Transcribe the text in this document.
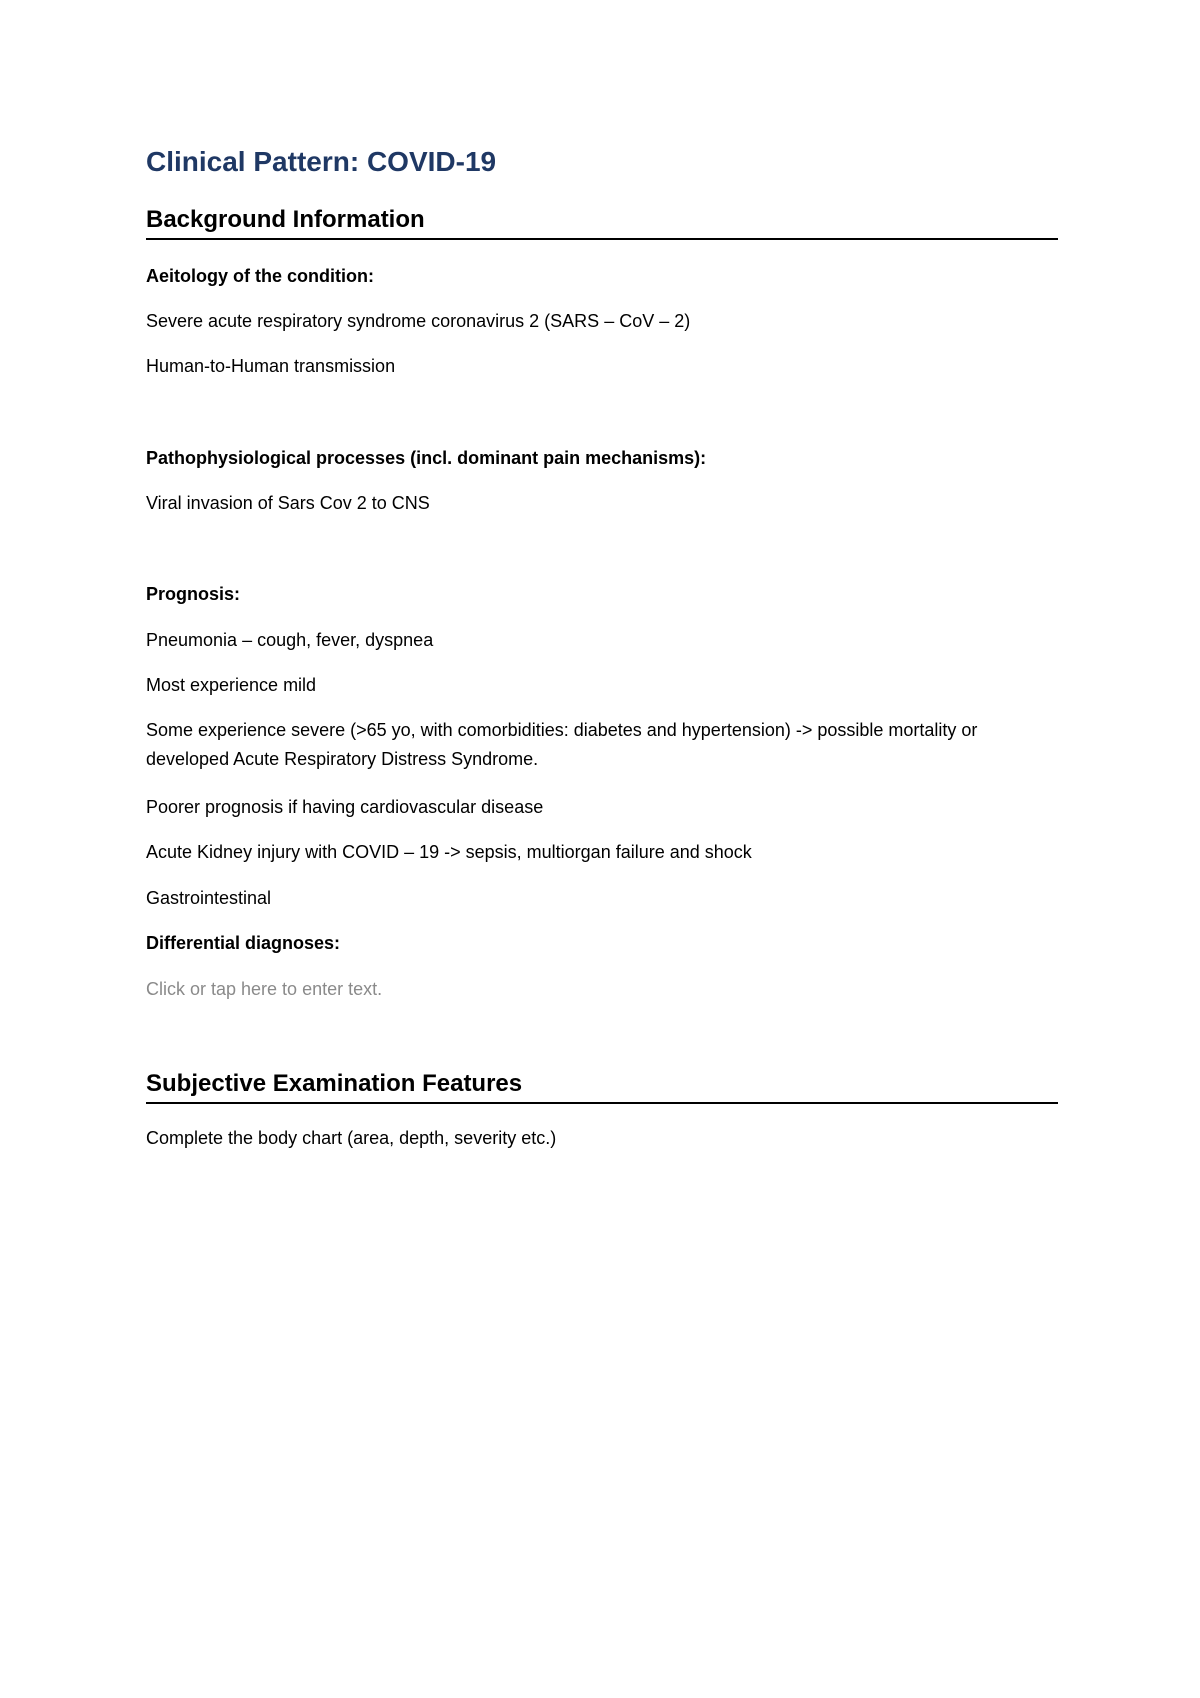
Clinical Pattern: COVID-19
Background Information

Aeitology of the condition:

Severe acute respiratory syndrome coronavirus 2 (SARS – CoV – 2)

Human-to-Human transmission

Pathophysiological processes (incl. dominant pain mechanisms):

Viral invasion of Sars Cov 2 to CNS

Prognosis:

Pneumonia – cough, fever, dyspnea

Most experience mild

Some experience severe (>65 yo, with comorbidities: diabetes and hypertension) -> possible mortality or developed Acute Respiratory Distress Syndrome.

Poorer prognosis if having cardiovascular disease

Acute Kidney injury with COVID – 19 -> sepsis, multiorgan failure and shock

Gastrointestinal

Differential diagnoses:

Click or tap here to enter text.

Subjective Examination Features

Complete the body chart (area, depth, severity etc.)
